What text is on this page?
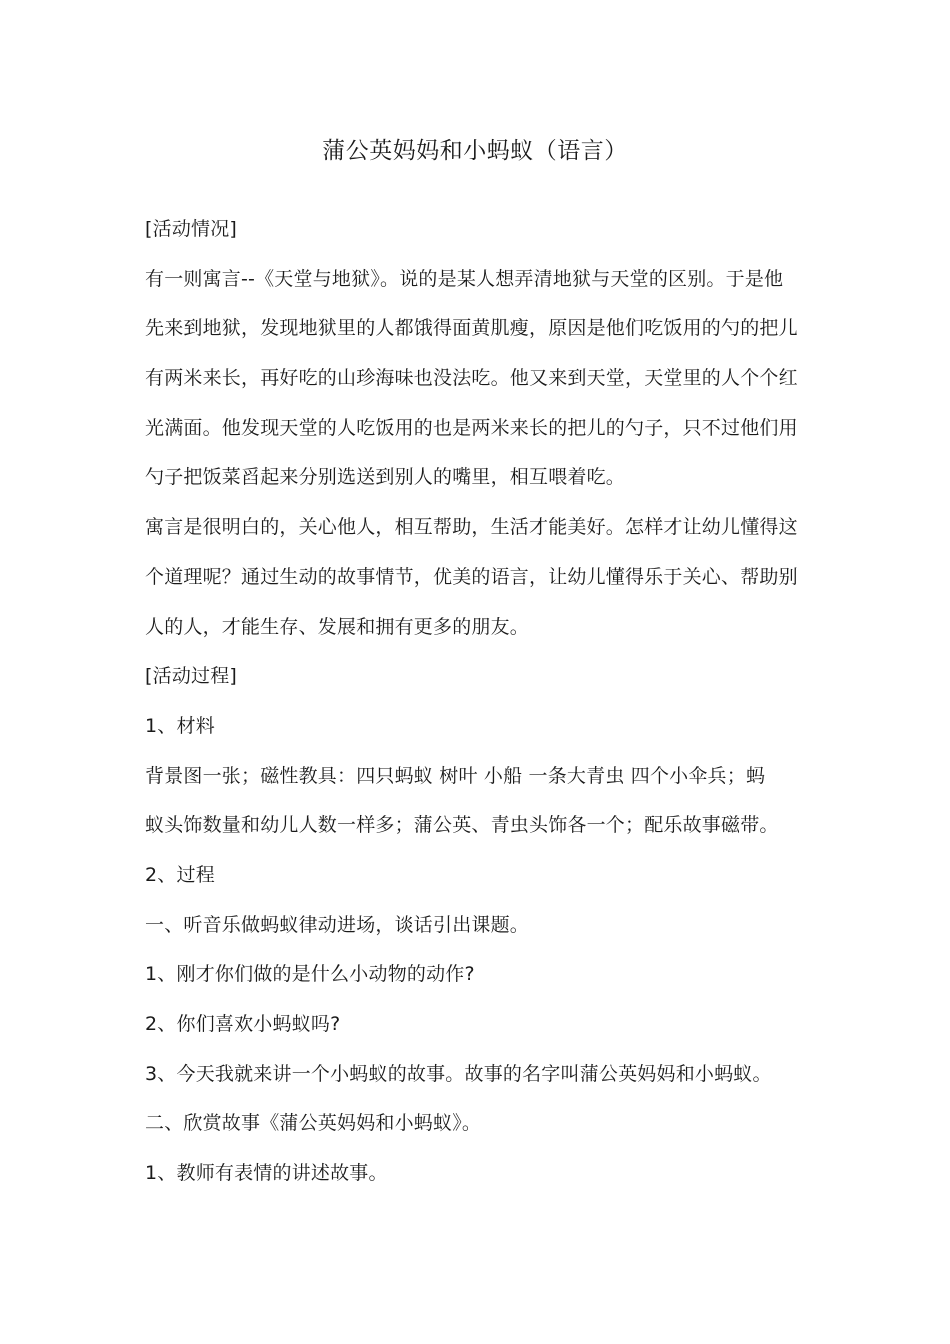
蒲公英妈妈和小蚂蚁（语言）
[活动情况]
有一则寓言--《天堂与地狱》。说的是某人想弄清地狱与天堂的区别。于是他
先来到地狱，发现地狱里的人都饿得面黄肌瘦，原因是他们吃饭用的勺的把儿
有两米来长，再好吃的山珍海味也没法吃。他又来到天堂，天堂里的人个个红
光满面。他发现天堂的人吃饭用的也是两米来长的把儿的勺子，只不过他们用
勺子把饭菜舀起来分别选送到别人的嘴里，相互喂着吃。
寓言是很明白的，关心他人，相互帮助，生活才能美好。怎样才让幼儿懂得这
个道理呢？通过生动的故事情节，优美的语言，让幼儿懂得乐于关心、帮助别
人的人，才能生存、发展和拥有更多的朋友。
[活动过程]
1、材料
背景图一张；磁性教具：四只蚂蚁 树叶 小船 一条大青虫 四个小伞兵；蚂
蚁头饰数量和幼儿人数一样多；蒲公英、青虫头饰各一个；配乐故事磁带。
2、过程
一、听音乐做蚂蚁律动进场，谈话引出课题。
1、刚才你们做的是什么小动物的动作?
2、你们喜欢小蚂蚁吗?
3、今天我就来讲一个小蚂蚁的故事。故事的名字叫蒲公英妈妈和小蚂蚁。
二、欣赏故事《蒲公英妈妈和小蚂蚁》。
1、教师有表情的讲述故事。
